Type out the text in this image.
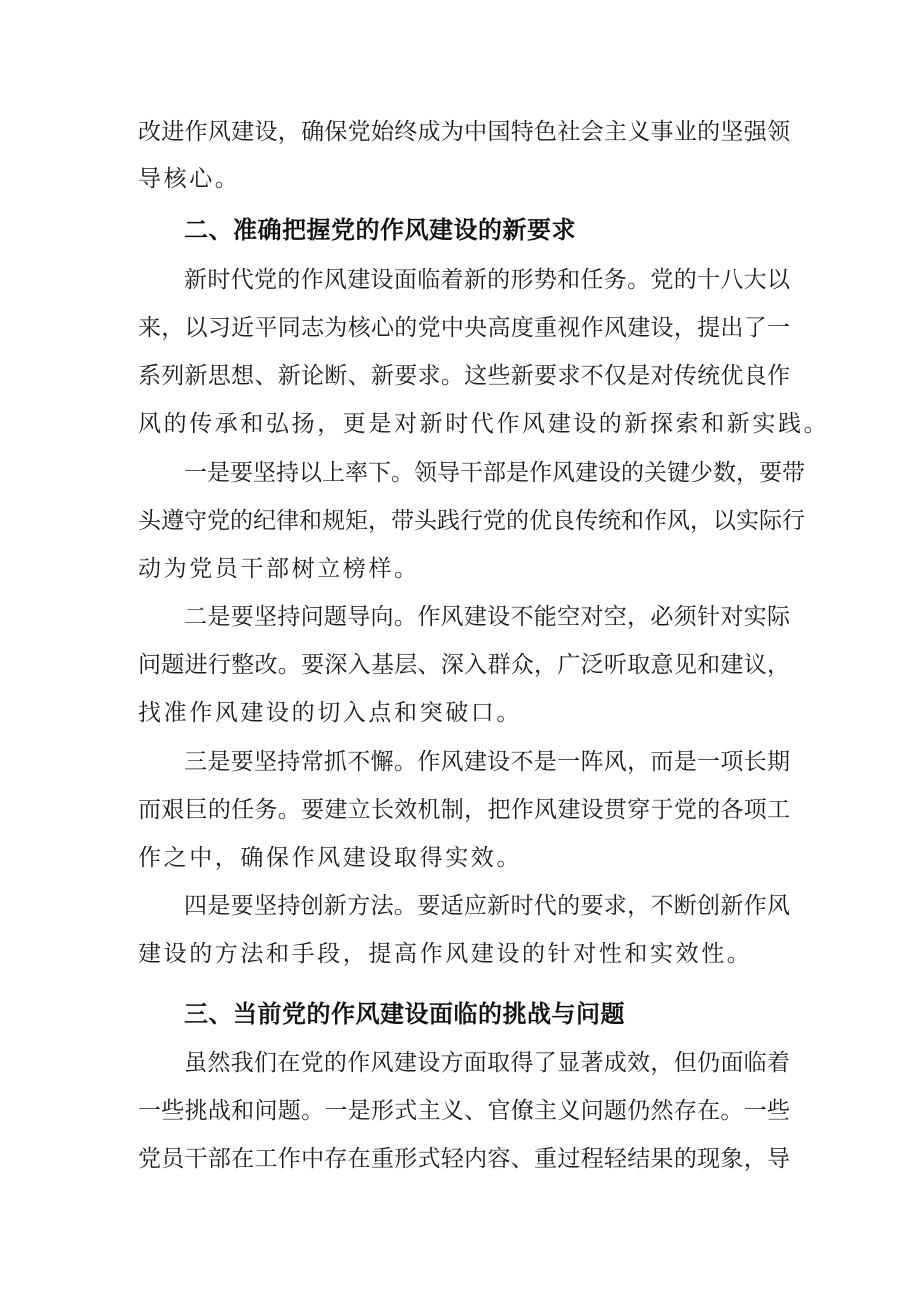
改进作风建设，确保党始终成为中国特色社会主义事业的坚强领
导核心。
二、准确把握党的作风建设的新要求
新时代党的作风建设面临着新的形势和任务。党的十八大以
来，以习近平同志为核心的党中央高度重视作风建设，提出了一
系列新思想、新论断、新要求。这些新要求不仅是对传统优良作
风的传承和弘扬，更是对新时代作风建设的新探索和新实践。
一是要坚持以上率下。领导干部是作风建设的关键少数，要带
头遵守党的纪律和规矩，带头践行党的优良传统和作风，以实际行
动为党员干部树立榜样。
二是要坚持问题导向。作风建设不能空对空，必须针对实际
问题进行整改。要深入基层、深入群众，广泛听取意见和建议，
找准作风建设的切入点和突破口。
三是要坚持常抓不懈。作风建设不是一阵风，而是一项长期
而艰巨的任务。要建立长效机制，把作风建设贯穿于党的各项工
作之中，确保作风建设取得实效。
四是要坚持创新方法。要适应新时代的要求，不断创新作风
建设的方法和手段，提高作风建设的针对性和实效性。
三、当前党的作风建设面临的挑战与问题
虽然我们在党的作风建设方面取得了显著成效，但仍面临着
一些挑战和问题。一是形式主义、官僚主义问题仍然存在。一些
党员干部在工作中存在重形式轻内容、重过程轻结果的现象，导
